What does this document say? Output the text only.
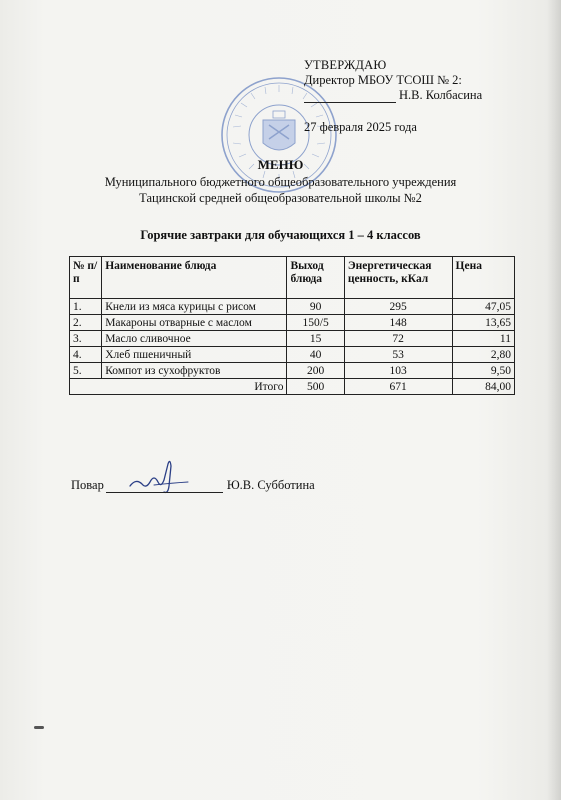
УТВЕРЖДАЮ
Директор МБОУ ТСОШ № 2:
Н.В. Колбасина
27 февраля 2025 года
МЕНЮ
Муниципального бюджетного общеобразовательного учреждения
Тацинской средней общеобразовательной школы №2
Горячие завтраки для обучающихся 1 – 4 классов
№ п/п	Наименование блюда	Выход блюда	Энергетическая ценность, кКал	Цена
1.	Кнели из мяса курицы с рисом	90	295	47,05
2.	Макароны отварные с маслом	150/5	148	13,65
3.	Масло сливочное	15	72	11
4.	Хлеб пшеничный	40	53	2,80
5.	Компот из сухофруктов	200	103	9,50
Итого		500	671	84,00
Повар	Ю.В. Субботина
